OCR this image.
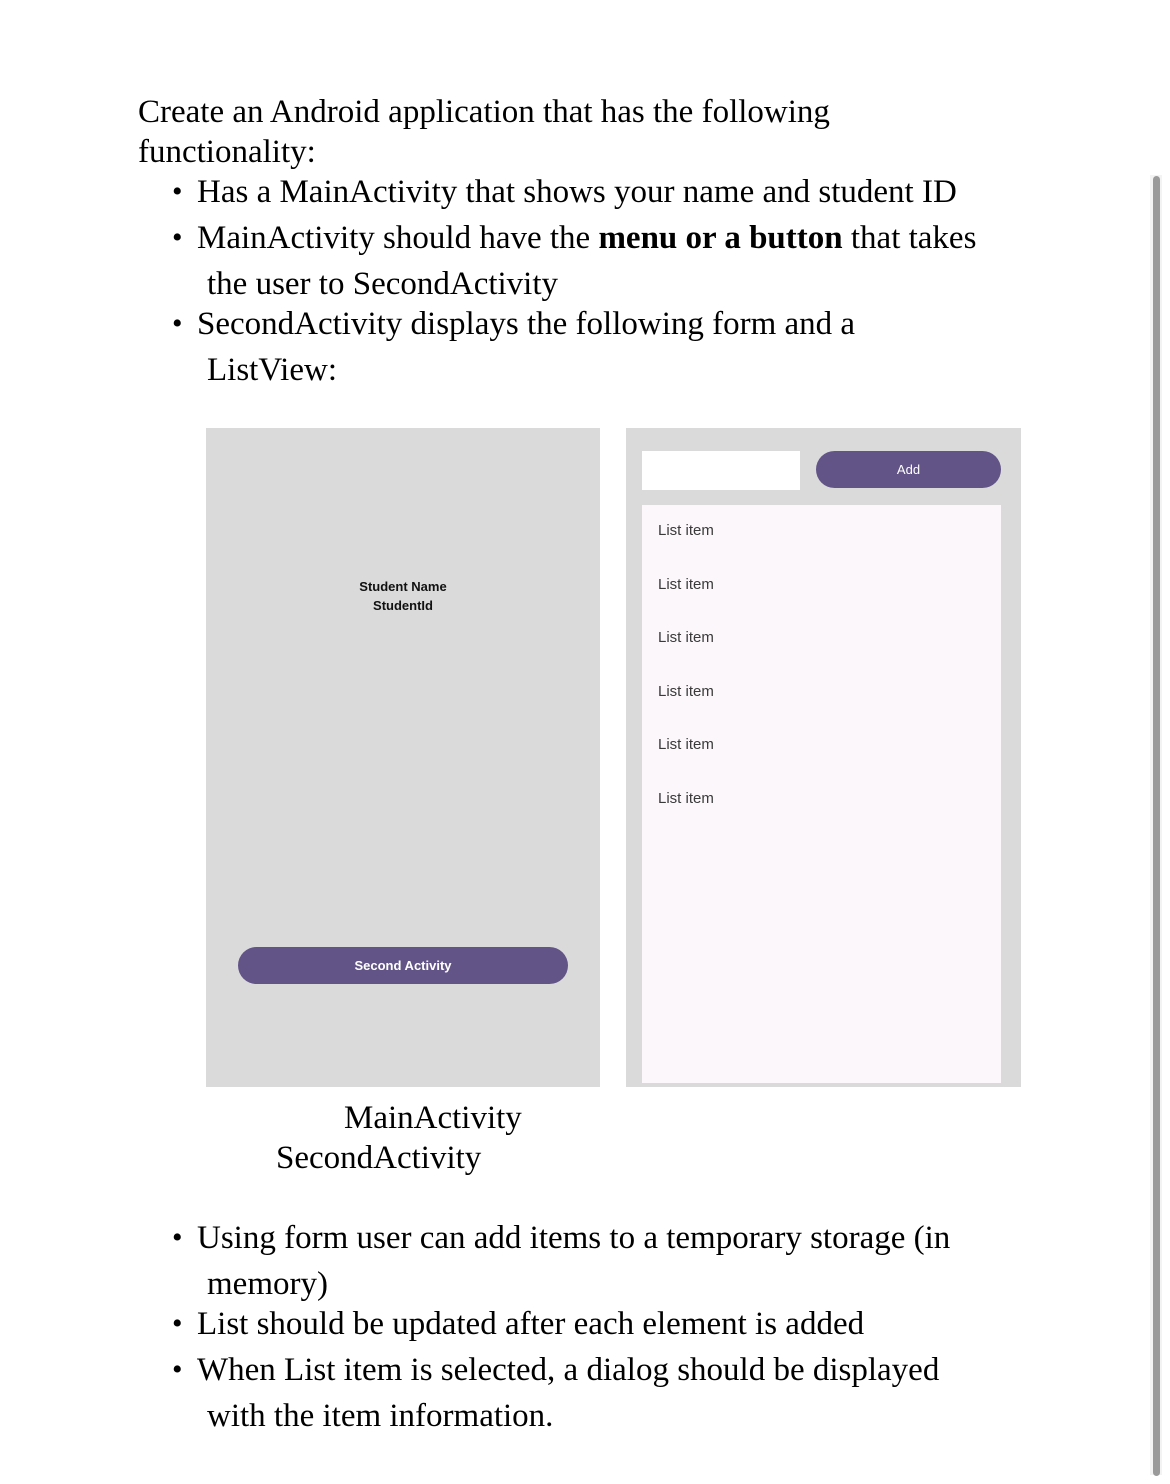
Create an Android application that has the following
functionality:
• Has a MainActivity that shows your name and student ID
• MainActivity should have the menu or a button that takes
the user to SecondActivity
• SecondActivity displays the following form and a
ListView:
Student Name
StudentId
Second Activity
Add
List item
List item
List item
List item
List item
List item
MainActivity
SecondActivity
• Using form user can add items to a temporary storage (in
memory)
• List should be updated after each element is added
• When List item is selected, a dialog should be displayed
with the item information.
